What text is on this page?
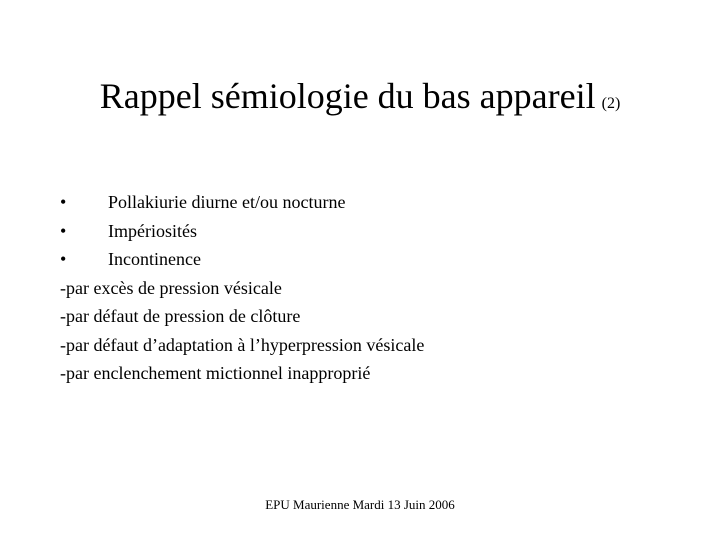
Rappel sémiologie du bas appareil (2)
•	Pollakiurie diurne et/ou nocturne
•	Impériosités
•	Incontinence
-par excès de pression vésicale
-par défaut de pression de clôture
-par défaut d’adaptation à l’hyperpression vésicale
-par enclenchement mictionnel inapproprié
EPU Maurienne Mardi 13 Juin 2006
